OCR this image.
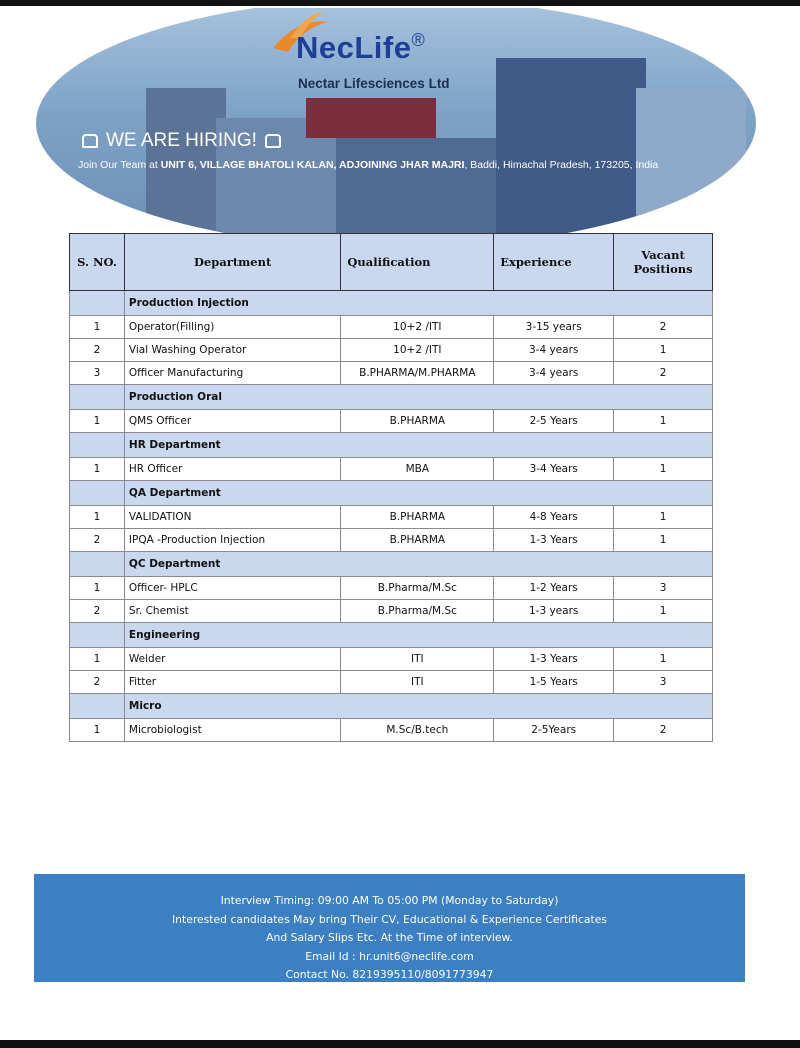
NecLife®
Nectar Lifesciences Ltd
WE ARE HIRING!
Join Our Team at UNIT 6, VILLAGE BHATOLI KALAN, ADJOINING JHAR MAJRI, Baddi, Himachal Pradesh, 173205, India
S. NO.	Department	Qualification	Experience	Vacant Positions
	Production Injection			
1	Operator(Filling)	10+2 /ITI	3-15 years	2
2	Vial Washing Operator	10+2 /ITI	3-4 years	1
3	Officer Manufacturing	B.PHARMA/M.PHARMA	3-4 years	2
	Production Oral			
1	QMS Officer	B.PHARMA	2-5 Years	1
	HR Department			
1	HR Officer	MBA	3-4 Years	1
	QA Department			
1	VALIDATION	B.PHARMA	4-8 Years	1
2	IPQA -Production Injection	B.PHARMA	1-3 Years	1
	QC Department			
1	Officer- HPLC	B.Pharma/M.Sc	1-2 Years	3
2	Sr. Chemist	B.Pharma/M.Sc	1-3 years	1
	Engineering			
1	Welder	ITI	1-3 Years	1
2	Fitter	ITI	1-5 Years	3
	Micro			
1	Microbiologist	M.Sc/B.tech	2-5Years	2
Interview Timing: 09:00 AM To 05:00 PM (Monday to Saturday)
Interested candidates May bring Their CV, Educational & Experience Certificates
And Salary Slips Etc. At the Time of interview.
Email Id : hr.unit6@neclife.com
Contact No. 8219395110/8091773947
